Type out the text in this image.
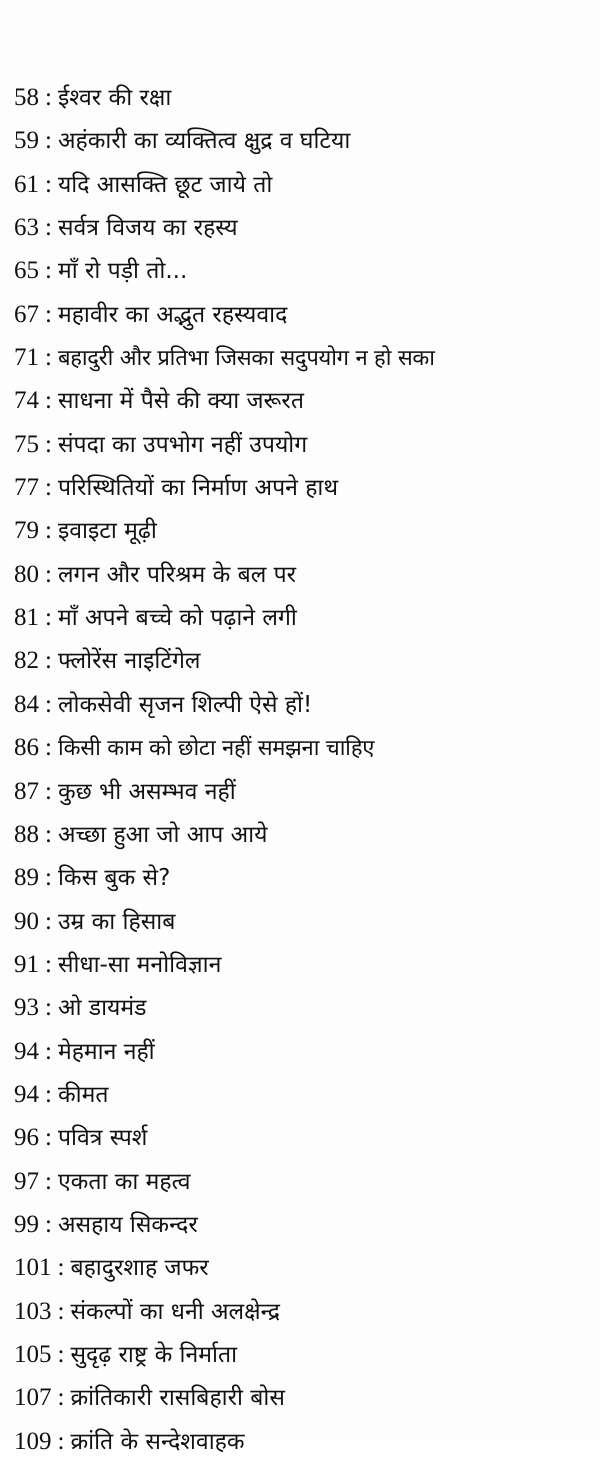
58 : ईश्वर की रक्षा
59 : अहंकारी का व्यक्तित्व क्षुद्र व घटिया
61 : यदि आसक्ति छूट जाये तो
63 : सर्वत्र विजय का रहस्य
65 : माँ रो पड़ी तो...
67 : महावीर का अद्भुत रहस्यवाद
71 : बहादुरी और प्रतिभा जिसका सदुपयोग न हो सका
74 : साधना में पैसे की क्या जरूरत
75 : संपदा का उपभोग नहीं उपयोग
77 : परिस्थितियों का निर्माण अपने हाथ
79 : इवाइटा मूढ़ी
80 : लगन और परिश्रम के बल पर
81 : माँ अपने बच्चे को पढ़ाने लगी
82 : फ्लोरेंस नाइटिंगेल
84 : लोकसेवी सृजन शिल्पी ऐसे हों!
86 : किसी काम को छोटा नहीं समझना चाहिए
87 : कुछ भी असम्भव नहीं
88 : अच्छा हुआ जो आप आये
89 : किस बुक से?
90 : उम्र का हिसाब
91 : सीधा-सा मनोविज्ञान
93 : ओ डायमंड
94 : मेहमान नहीं
94 : कीमत
96 : पवित्र स्पर्श
97 : एकता का महत्व
99 : असहाय सिकन्दर
101 : बहादुरशाह जफर
103 : संकल्पों का धनी अलक्षेन्द्र
105 : सुदृढ़ राष्ट्र के निर्माता
107 : क्रांतिकारी रासबिहारी बोस
109 : क्रांति के सन्देशवाहक
